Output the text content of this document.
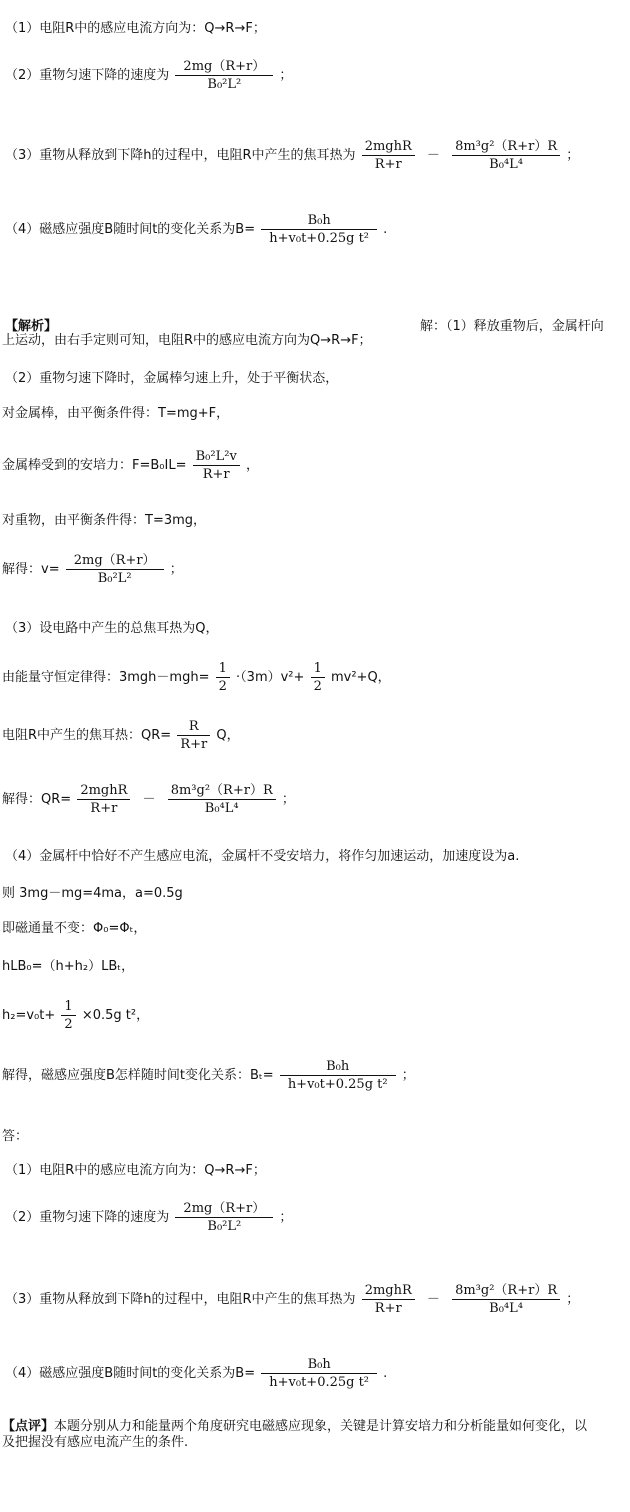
（1）电阻R中的感应电流方向为：Q→R→F；
（2）重物匀速下降的速度为 $\frac{2mg(R+r)}{\text{B₀²L²}}$ ；
（3）重物从释放到下降h的过程中，电阻R中产生的焦耳热为 $\frac{\text{2mghR}}{R+r} - \frac{\text{8m³g²（R+r）R}}{\text{B₀⁴L⁴}}$ ；
（4）磁感应强度B随时间t的变化关系为$B= \frac{\text{B₀h}}{\text{h+v₀t+0.25g t²}}$ .
【解析】	解：（1）释放重物后，金属杆向
上运动，由右手定则可知，电阻R中的感应电流方向为Q→R→F；
（2）重物匀速下降时，金属棒匀速上升，处于平衡状态，
对金属棒，由平衡条件得：T=mg+F，
金属棒受到的安培力：$F=B_0IL= \frac{\text{B₀²L²v}}{R+r}$ ，
对重物，由平衡条件得：T=3mg，
解得：$v= \frac{2mg(R+r)}{\text{B₀²L²}}$ ；
（3）设电路中产生的总焦耳热为Q，
由能量守恒定律得：$3mgh-mgh= \frac{1}{2} \cdot(3m)v^2+ \frac{1}{2} mv^2+Q$，
电阻R中产生的焦耳热：$QR= \frac{R}{R+r}$ Q，
解得：$QR= \frac{\text{2mghR}}{R+r} - \frac{\text{8m³g²（R+r）R}}{\text{B₀⁴L⁴}}$ ；
（4）金属杆中恰好不产生感应电流，金属杆不受安培力，将作匀加速运动，加速度设为a.
则 3mg－mg=4ma，a=0.5g
即磁通量不变：Φ₀=Φₜ，
hLB₀=（h+h₂）LBₜ，
$h_2=v_0t+ \frac{1}{2} \times 0.5g$ t²，
解得，磁感应强度B怎样随时间t变化关系：$B_t= \frac{\text{B₀h}}{\text{h+v₀t+0.25g t²}}$ ；
答：
（1）电阻R中的感应电流方向为：Q→R→F；
（2）重物匀速下降的速度为 $\frac{2mg(R+r)}{\text{B₀²L²}}$ ；
（3）重物从释放到下降h的过程中，电阻R中产生的焦耳热为 $\frac{\text{2mghR}}{R+r} - \frac{\text{8m³g²（R+r）R}}{\text{B₀⁴L⁴}}$ ；
（4）磁感应强度B随时间t的变化关系为$B= \frac{\text{B₀h}}{\text{h+v₀t+0.25g t²}}$ .
【点评】本题分别从力和能量两个角度研究电磁感应现象，关键是计算安培力和分析能量如何变化，以
及把握没有感应电流产生的条件.
